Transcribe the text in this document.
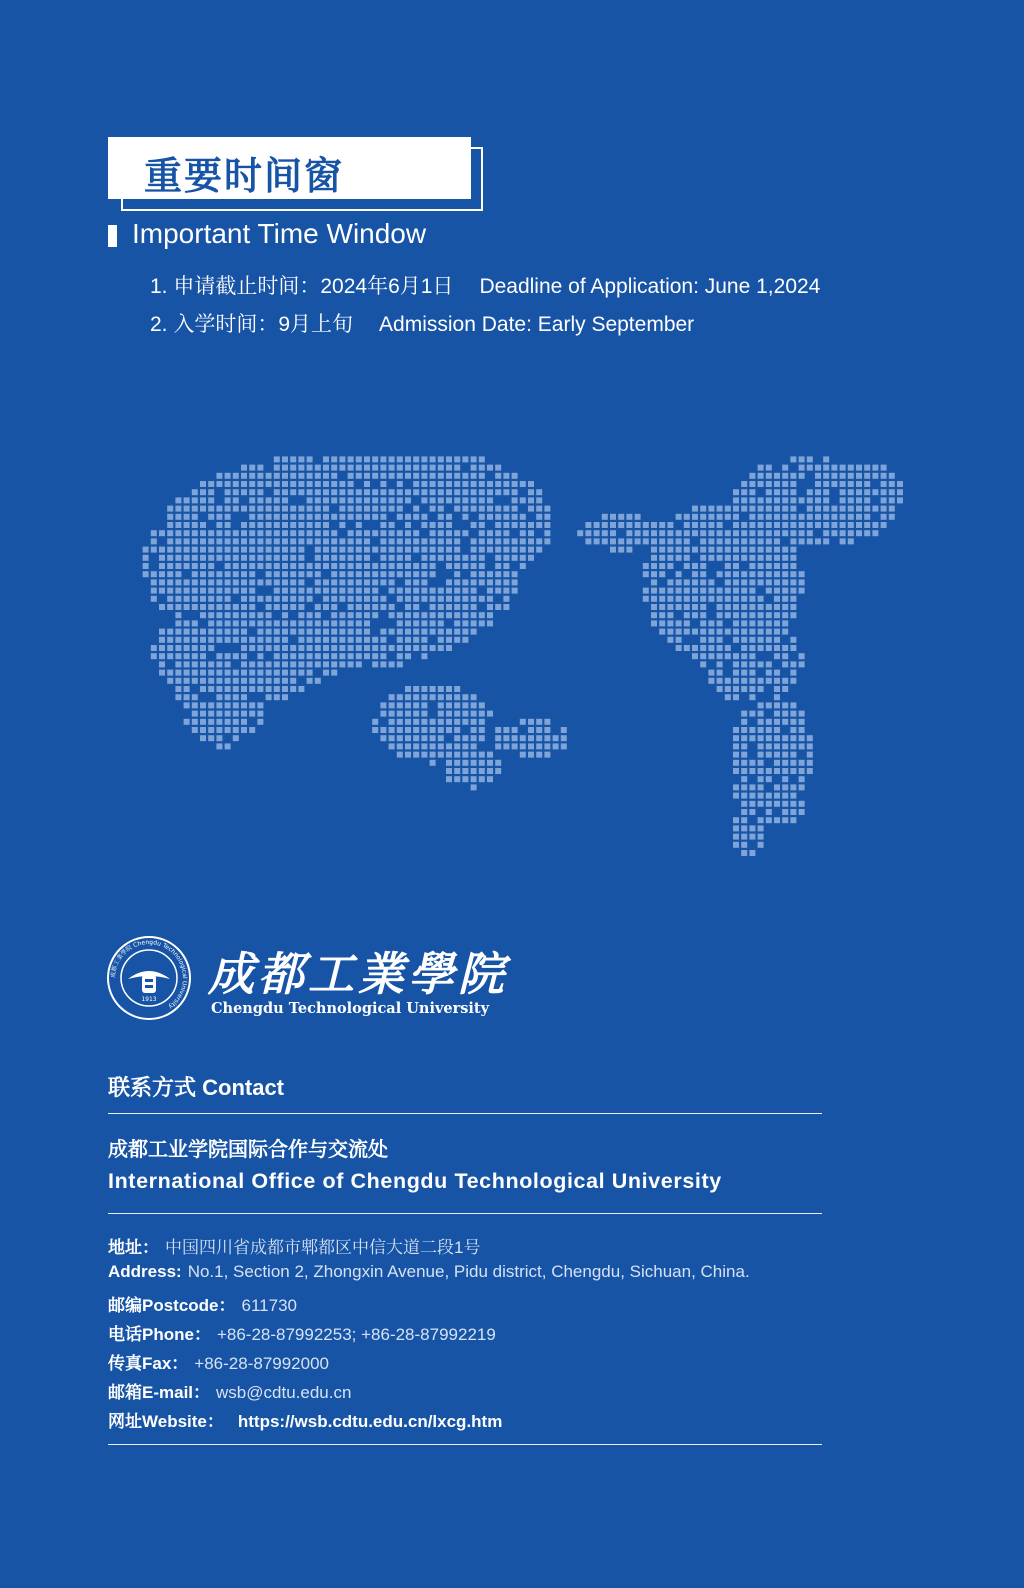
重要时间窗
Important Time Window
1. 申请截止时间：2024年6月1日 Deadline of Application: June 1,2024
2. 入学时间：9月上旬 Admission Date: Early September
1913
成都工業學院 Chengdu Technological University
成都工業學院
Chengdu Technological University
联系方式 Contact
成都工业学院国际合作与交流处
International Office of Chengdu Technological University
地址： 中国四川省成都市郫都区中信大道二段1号
Address: No.1, Section 2, Zhongxin Avenue, Pidu district, Chengdu, Sichuan, China.
邮编Postcode： 611730
电话Phone： +86-28-87992253; +86-28-87992219
传真Fax： +86-28-87992000
邮箱E-mail： wsb@cdtu.edu.cn
网址Website： https://wsb.cdtu.edu.cn/lxcg.htm
